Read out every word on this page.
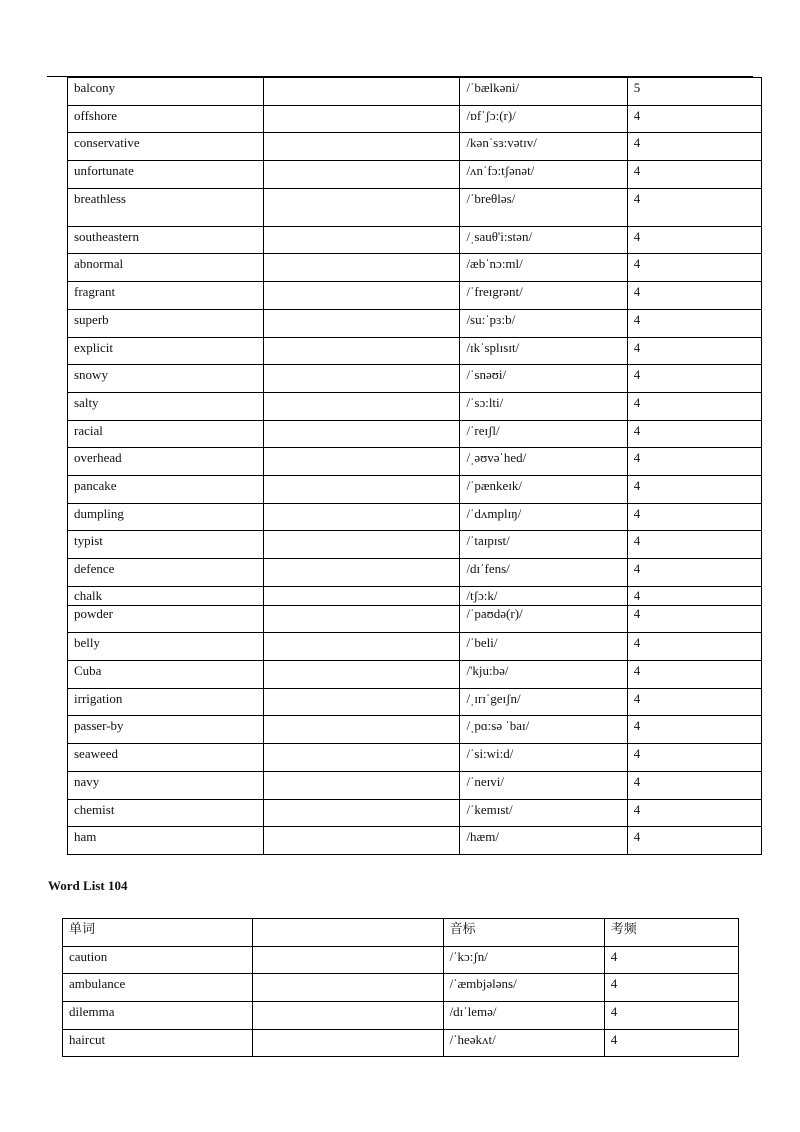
balcony		/ˈbælkəni/	5
offshore		/ɒfˈʃɔ:(r)/	4
conservative		/kənˈsɜ:vətɪv/	4
unfortunate		/ʌnˈfɔ:tʃənət/	4
breathless		/ˈbreθləs/	4
southeastern		/ˌsauθ'i:stən/	4
abnormal		/æbˈnɔ:ml/	4
fragrant		/ˈfreɪgrənt/	4
superb		/su:ˈpɜ:b/	4
explicit		/ɪkˈsplɪsɪt/	4
snowy		/ˈsnəʊi/	4
salty		/ˈsɔ:lti/	4
racial		/ˈreɪʃl/	4
overhead		/ˌəʊvəˈhed/	4
pancake		/ˈpænkeɪk/	4
dumpling		/ˈdʌmplɪŋ/	4
typist		/ˈtaɪpɪst/	4
defence		/dɪˈfens/	4
chalk		/tʃɔ:k/	4
powder		/ˈpaʊdə(r)/	4
belly		/ˈbeli/	4
Cuba		/'kju:bə/	4
irrigation		/ˌɪrɪˈgeɪʃn/	4
passer-by		/ˌpɑ:sə ˈbaɪ/	4
seaweed		/ˈsi:wi:d/	4
navy		/ˈneɪvi/	4
chemist		/ˈkemɪst/	4
ham		/hæm/	4
Word List 104
单词		音标	考频
caution		/ˈkɔ:ʃn/	4
ambulance		/ˈæmbjələns/	4
dilemma		/dɪˈlemə/	4
haircut		/ˈheəkʌt/	4
